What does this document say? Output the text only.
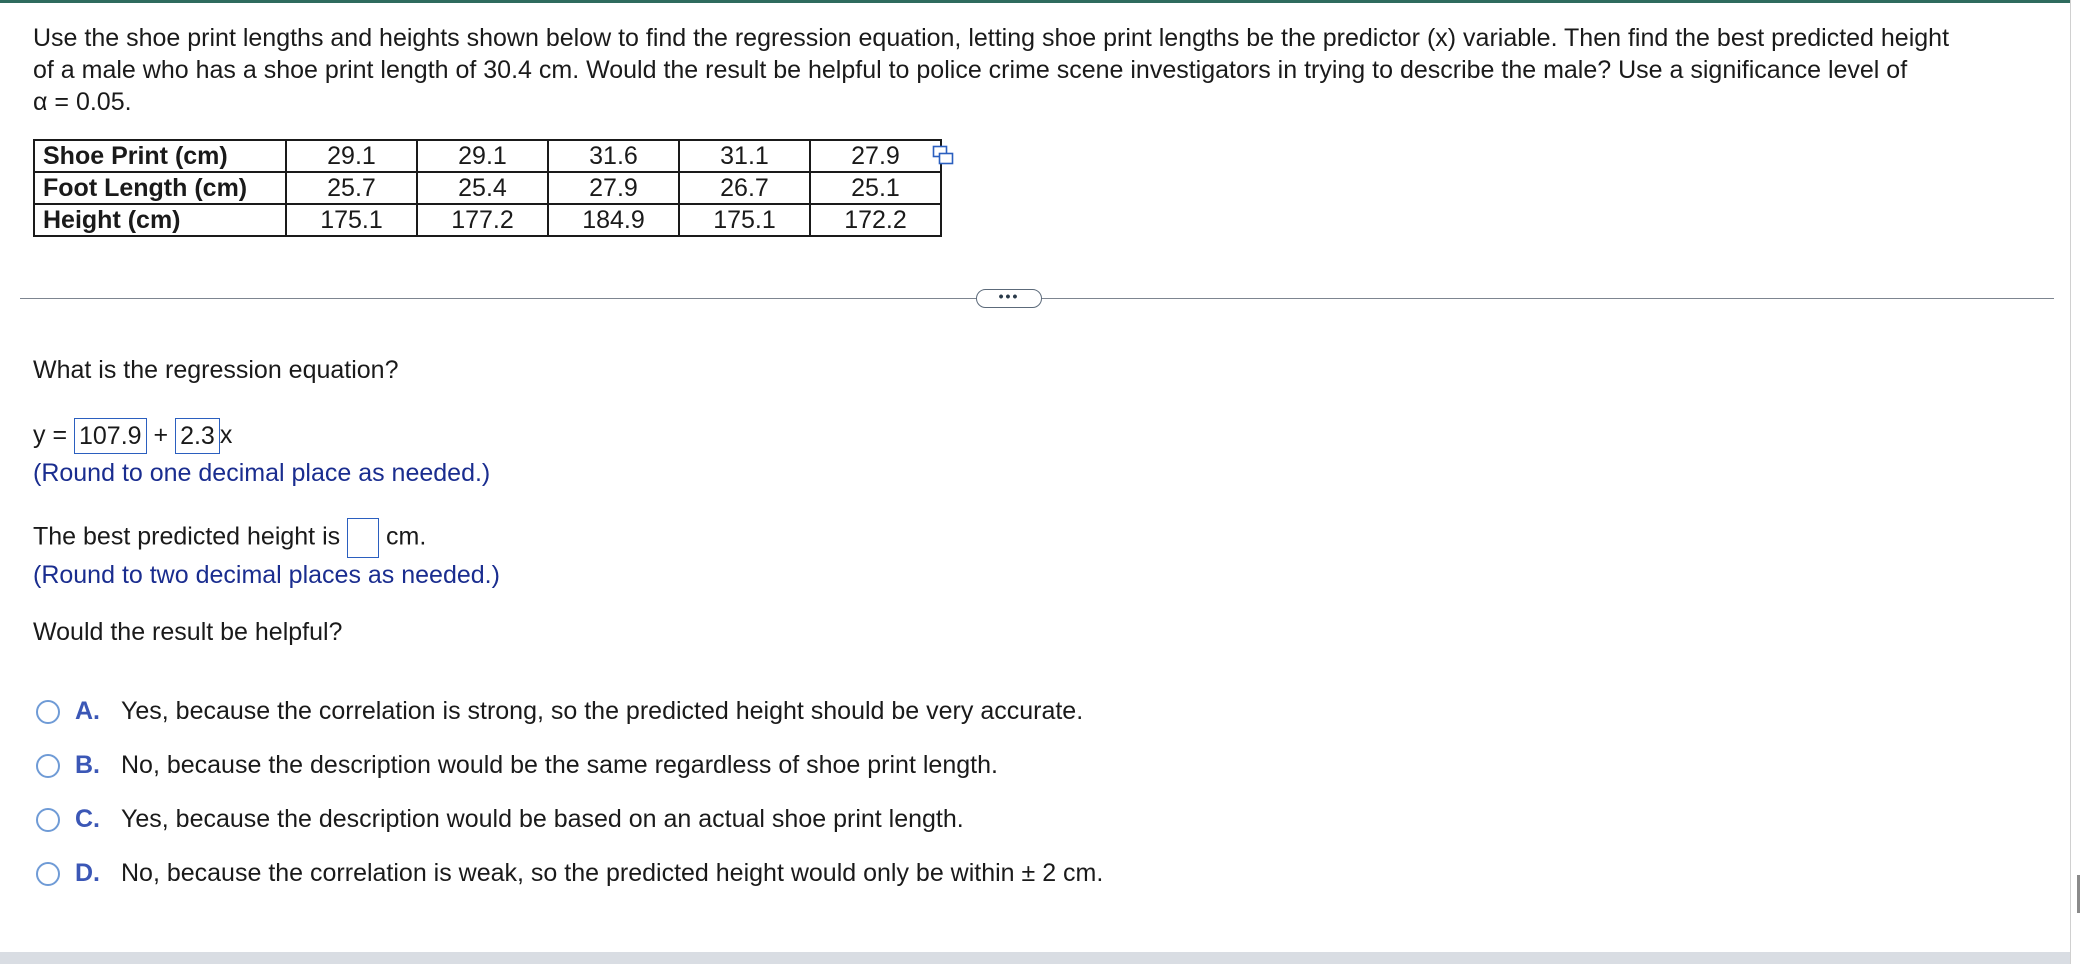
Use the shoe print lengths and heights shown below to find the regression equation, letting shoe print lengths be the predictor (x) variable. Then find the best predicted height
of a male who has a shoe print length of 30.4 cm. Would the result be helpful to police crime scene investigators in trying to describe the male? Use a significance level of
α = 0.05.
Shoe Print (cm)	29.1	29.1	31.6	31.1	27.9
Foot Length (cm)	25.7	25.4	27.9	26.7	25.1
Height (cm)	175.1	177.2	184.9	175.1	172.2
•••
What is the regression equation?
y = 107.9 + 2.3 x
(Round to one decimal place as needed.)
The best predicted height is cm.
(Round to two decimal places as needed.)
Would the result be helpful?
A. Yes, because the correlation is strong, so the predicted height should be very accurate.
B. No, because the description would be the same regardless of shoe print length.
C. Yes, because the description would be based on an actual shoe print length.
D. No, because the correlation is weak, so the predicted height would only be within ± 2 cm.
